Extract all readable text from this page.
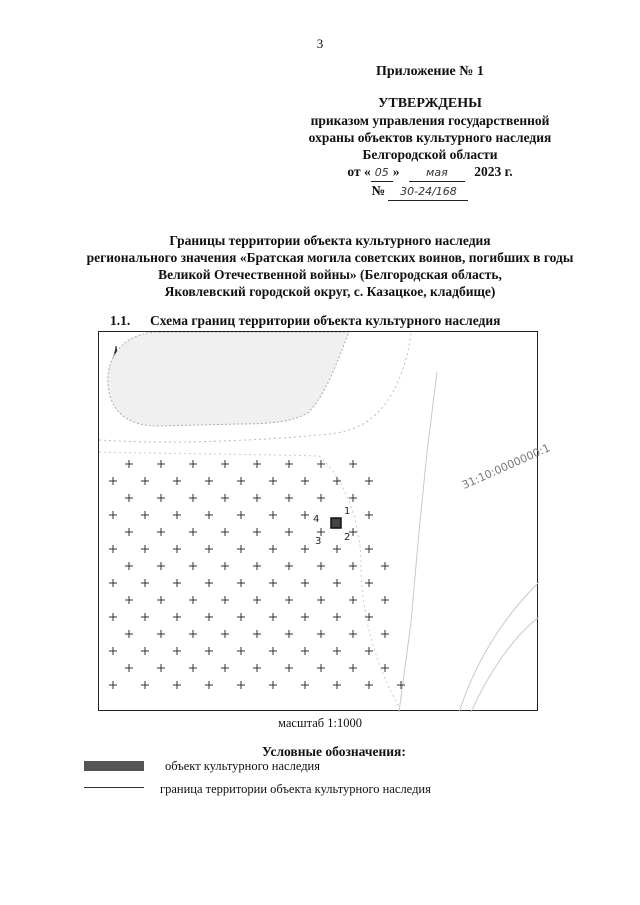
3
Приложение № 1
УТВЕРЖДЕНЫ
приказом управления государственной
охраны объектов культурного наследия
Белгородской области
от « 05 » мая 2023 г.
№ 30-24/168
Границы территории объекта культурного наследия
регионального значения «Братская могила советских воинов, погибших в годы
Великой Отечественной войны» (Белгородская область,
Яковлевский городской округ, с. Казацкое, кладбище)
1.1. Схема границ территории объекта культурного наследия
1
2
3
4
31:10:0000000:1
масштаб 1:1000
Условные обозначения:
объект культурного наследия
граница территории объекта культурного наследия
